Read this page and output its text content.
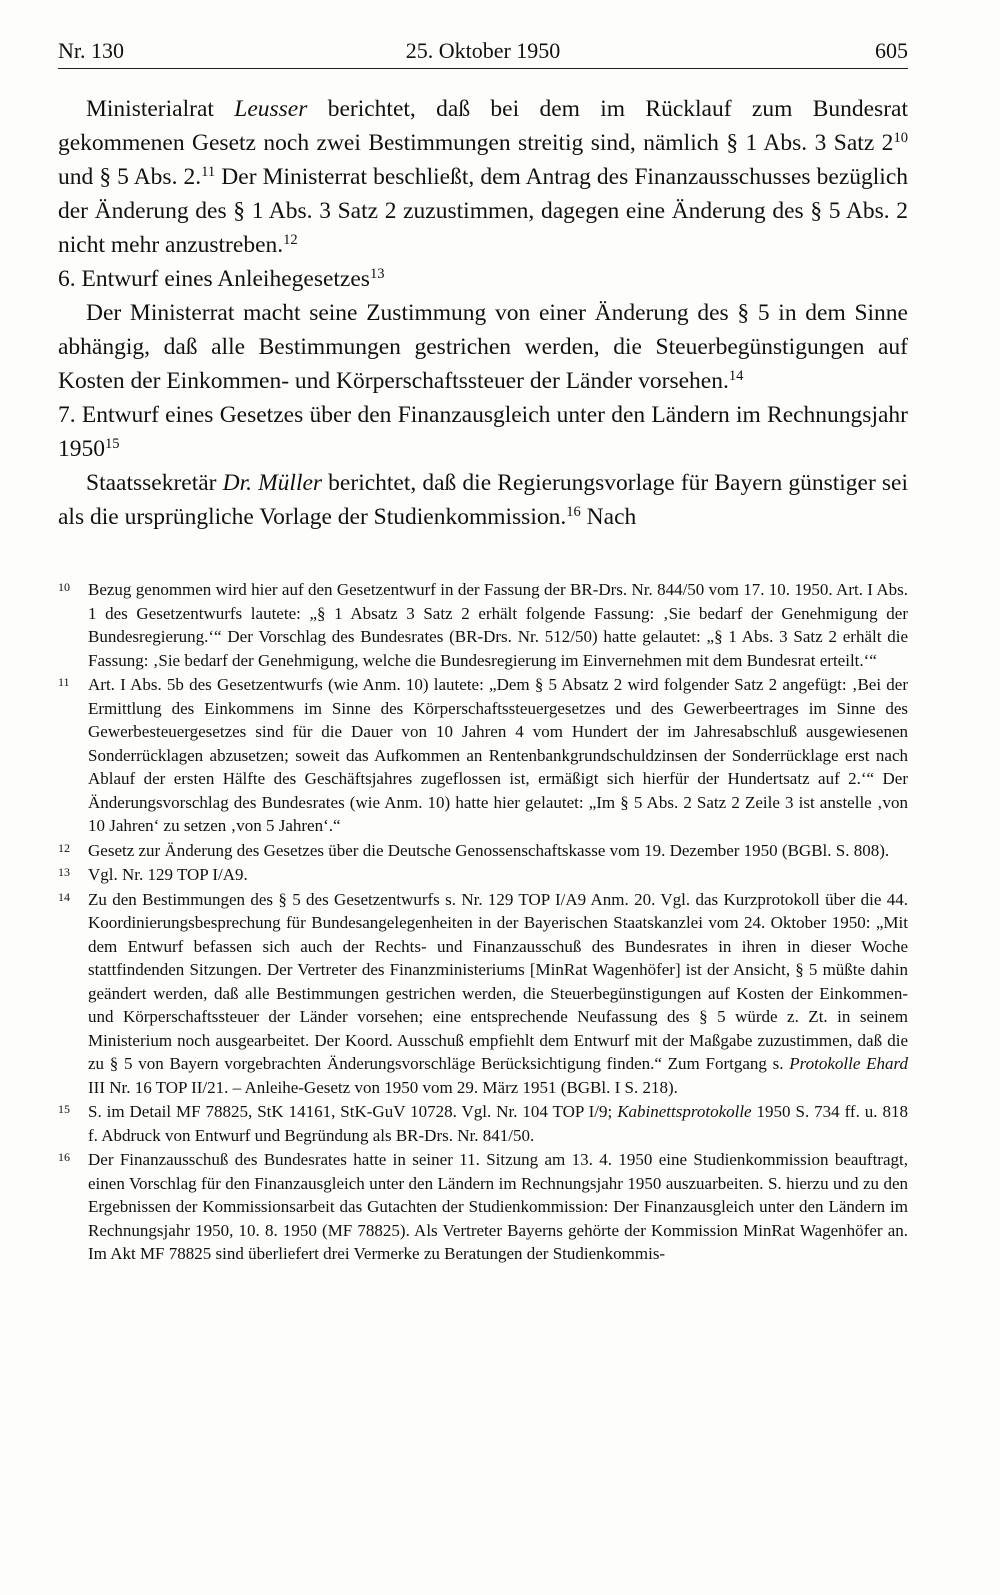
Nr. 130	25. Oktober 1950	605

Ministerialrat Leusser berichtet, daß bei dem im Rücklauf zum Bundesrat gekommenen Gesetz noch zwei Bestimmungen streitig sind, nämlich § 1 Abs. 3 Satz $2^{10}$ und § 5 Abs. 2.11 Der Ministerrat beschließt, dem Antrag des Finanzausschusses bezüglich der Änderung des § 1 Abs. 3 Satz 2 zuzustimmen, dagegen eine Änderung des § 5 Abs. 2 nicht mehr anzustreben.$^{12}$

6. Entwurf eines Anleihegesetzes$^{13}$

Der Ministerrat macht seine Zustimmung von einer Änderung des § 5 in dem Sinne abhängig, daß alle Bestimmungen gestrichen werden, die Steuerbegünstigungen auf Kosten der Einkommen- und Körperschaftssteuer der Länder vorsehen.$^{14}$

7. Entwurf eines Gesetzes über den Finanzausgleich unter den Ländern im Rechnungsjahr 1950$^{15}$

Staatssekretär Dr. Müller berichtet, daß die Regierungsvorlage für Bayern günstiger sei als die ursprüngliche Vorlage der Studienkommission.$^{16}$ Nach

10 Bezug genommen wird hier auf den Gesetzentwurf in der Fassung der BR-Drs. Nr. 844/50 vom 17. 10. 1950. Art. I Abs. 1 des Gesetzentwurfs lautete: „§ 1 Absatz 3 Satz 2 erhält folgende Fassung: ‚Sie bedarf der Genehmigung der Bundesregierung.‘“ Der Vorschlag des Bundesrates (BR-Drs. Nr. 512/50) hatte gelautet: „§ 1 Abs. 3 Satz 2 erhält die Fassung: ‚Sie bedarf der Genehmigung, welche die Bundesregierung im Einvernehmen mit dem Bundesrat erteilt.‘“
11 Art. I Abs. 5b des Gesetzentwurfs (wie Anm. 10) lautete: „Dem § 5 Absatz 2 wird folgender Satz 2 angefügt: ‚Bei der Ermittlung des Einkommens im Sinne des Körperschaftssteuergesetzes und des Gewerbeertrages im Sinne des Gewerbesteuergesetzes sind für die Dauer von 10 Jahren 4 vom Hundert der im Jahresabschluß ausgewiesenen Sonderrücklagen abzusetzen; soweit das Aufkommen an Rentenbankgrundschuldzinsen der Sonderrücklage erst nach Ablauf der ersten Hälfte des Geschäftsjahres zugeflossen ist, ermäßigt sich hierfür der Hundertsatz auf 2.‘“ Der Änderungsvorschlag des Bundesrates (wie Anm. 10) hatte hier gelautet: „Im § 5 Abs. 2 Satz 2 Zeile 3 ist anstelle ‚von 10 Jahren‘ zu setzen ‚von 5 Jahren‘.“
12 Gesetz zur Änderung des Gesetzes über die Deutsche Genossenschaftskasse vom 19. Dezember 1950 (BGBl. S. 808).
13 Vgl. Nr. 129 TOP I/A9.
14 Zu den Bestimmungen des § 5 des Gesetzentwurfs s. Nr. 129 TOP I/A9 Anm. 20. Vgl. das Kurzprotokoll über die 44. Koordinierungsbesprechung für Bundesangelegenheiten in der Bayerischen Staatskanzlei vom 24. Oktober 1950: „Mit dem Entwurf befassen sich auch der Rechts- und Finanzausschuß des Bundesrates in ihren in dieser Woche stattfindenden Sitzungen. Der Vertreter des Finanzministeriums [MinRat Wagenhöfer] ist der Ansicht, § 5 müßte dahin geändert werden, daß alle Bestimmungen gestrichen werden, die Steuerbegünstigungen auf Kosten der Einkommen- und Körperschaftssteuer der Länder vorsehen; eine entsprechende Neufassung des § 5 würde z. Zt. in seinem Ministerium noch ausgearbeitet. Der Koord. Ausschuß empfiehlt dem Entwurf mit der Maßgabe zuzustimmen, daß die zu § 5 von Bayern vorgebrachten Änderungsvorschläge Berücksichtigung finden.“ Zum Fortgang s. Protokolle Ehard III Nr. 16 TOP II/21. – Anleihe-Gesetz von 1950 vom 29. März 1951 (BGBl. I S. 218).
15 S. im Detail MF 78825, StK 14161, StK-GuV 10728. Vgl. Nr. 104 TOP I/9; Kabinettsprotokolle 1950 S. 734 ff. u. 818 f. Abdruck von Entwurf und Begründung als BR-Drs. Nr. 841/50.
16 Der Finanzausschuß des Bundesrates hatte in seiner 11. Sitzung am 13. 4. 1950 eine Studienkommission beauftragt, einen Vorschlag für den Finanzausgleich unter den Ländern im Rechnungsjahr 1950 auszuarbeiten. S. hierzu und zu den Ergebnissen der Kommissionsarbeit das Gutachten der Studienkommission: Der Finanzausgleich unter den Ländern im Rechnungsjahr 1950, 10. 8. 1950 (MF 78825). Als Vertreter Bayerns gehörte der Kommission MinRat Wagenhöfer an. Im Akt MF 78825 sind überliefert drei Vermerke zu Beratungen der Studienkommis-
